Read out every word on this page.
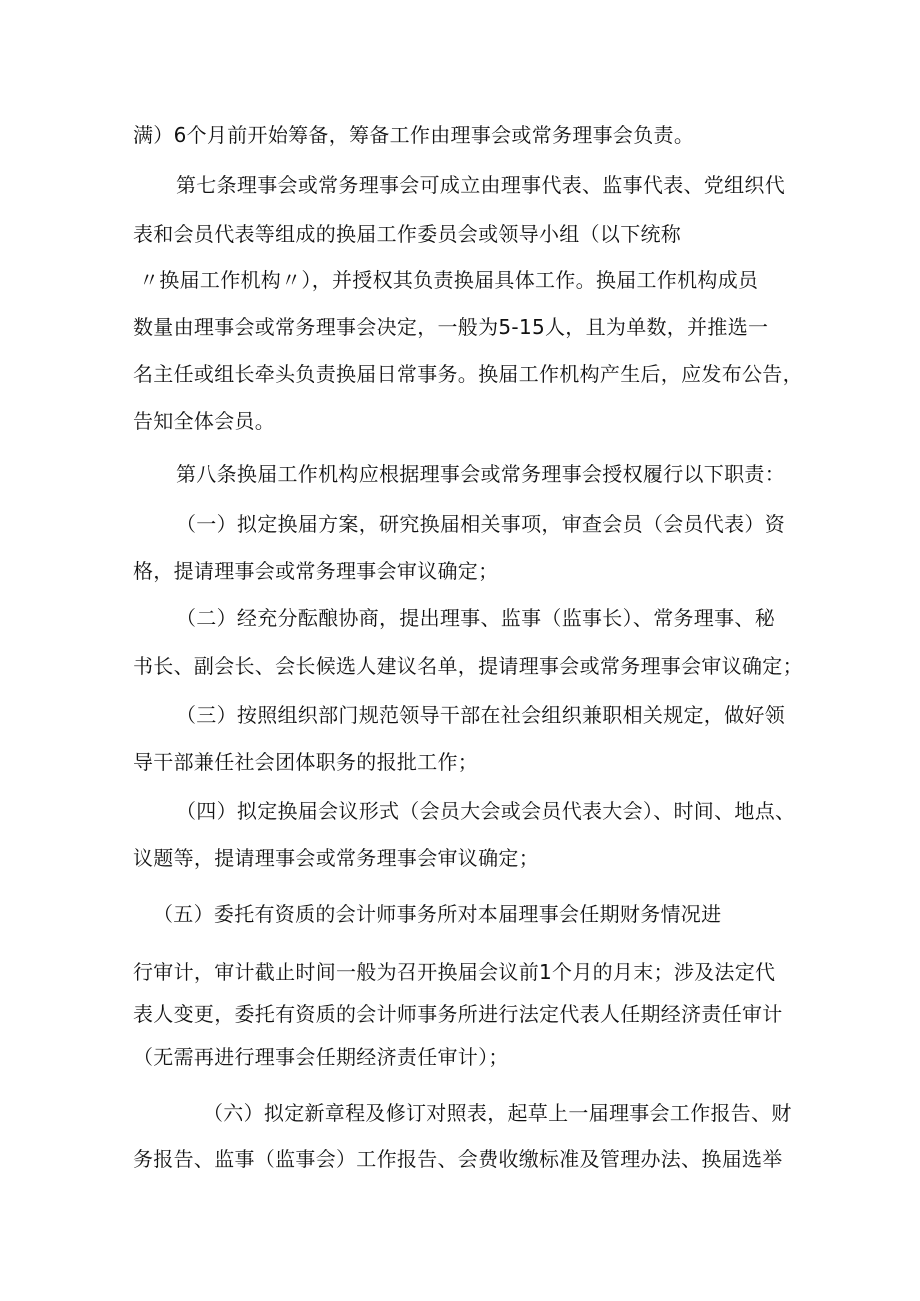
满）6个月前开始筹备，筹备工作由理事会或常务理事会负责。
第七条理事会或常务理事会可成立由理事代表、监事代表、党组织代
表和会员代表等组成的换届工作委员会或领导小组（以下统称
〃换届工作机构〃），并授权其负责换届具体工作。换届工作机构成员
数量由理事会或常务理事会决定，一般为5-15人，且为单数，并推选一
名主任或组长牵头负责换届日常事务。换届工作机构产生后，应发布公告，
告知全体会员。
第八条换届工作机构应根据理事会或常务理事会授权履行以下职责：
（一）拟定换届方案，研究换届相关事项，审查会员（会员代表）资
格，提请理事会或常务理事会审议确定；
（二）经充分酝酿协商，提出理事、监事（监事长）、常务理事、秘
书长、副会长、会长候选人建议名单，提请理事会或常务理事会审议确定；
（三）按照组织部门规范领导干部在社会组织兼职相关规定，做好领
导干部兼任社会团体职务的报批工作；
（四）拟定换届会议形式（会员大会或会员代表大会）、时间、地点、
议题等，提请理事会或常务理事会审议确定；
（五）委托有资质的会计师事务所对本届理事会任期财务情况进
行审计，审计截止时间一般为召开换届会议前1个月的月末；涉及法定代
表人变更，委托有资质的会计师事务所进行法定代表人任期经济责任审计
（无需再进行理事会任期经济责任审计）；
（六）拟定新章程及修订对照表，起草上一届理事会工作报告、财
务报告、监事（监事会）工作报告、会费收缴标准及管理办法、换届选举
